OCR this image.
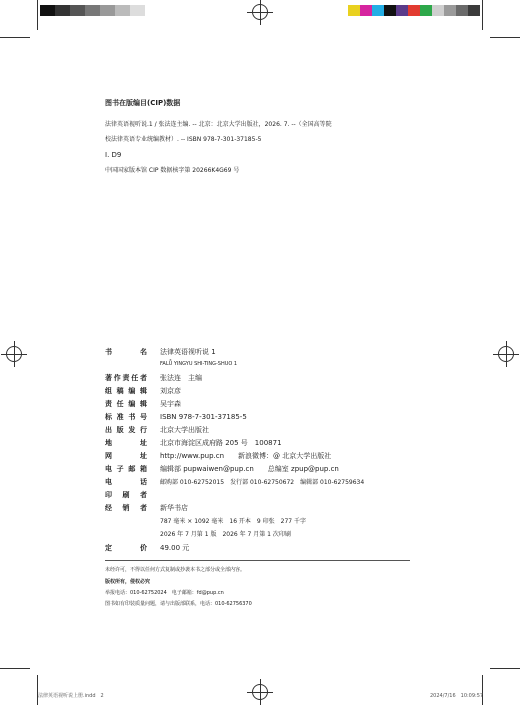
图书在版编目(CIP)数据
法律英语视听说.1 / 张法连主编. -- 北京：北京大学出版社，2026. 7. --（全国高等院
校法律英语专业统编教材）. -- ISBN 978-7-301-37185-5
Ⅰ. D9
中国国家版本馆 CIP 数据核字第 20266K4G69 号
书　　名 法律英语视听说 1
FALǕ YINGYU SHI-TING-SHUO 1
著作责任者 张法连　主编
组稿编辑 刘京彦
责任编辑 吴宇森
标准书号 ISBN 978-7-301-37185-5
出版发行 北京大学出版社
地　　址 北京市海淀区成府路 205 号　100871
网　　址 http://www.pup.cn　　新浪微博：@ 北京大学出版社
电子邮箱 编辑部 pupwaiwen@pup.cn　　总编室 zpup@pup.cn
电　　话 邮购部 010-62752015　发行部 010-62750672　编辑部 010-62759634
印刷者
经销者 新华书店
787 毫米 × 1092 毫米　16 开本　9 印张　277 千字
2026 年 7 月第 1 版　2026 年 7 月第 1 次印刷
定　　价 49.00 元
未经许可，不得以任何方式复制或抄袭本书之部分或全部内容。
版权所有，侵权必究
举报电话：010-62752024　电子邮箱：fd@pup.cn
图书如有印装质量问题，请与出版部联系，电话：010-62756370
法律英语视听说上册.indd　2	2024/7/16　10:09:57
